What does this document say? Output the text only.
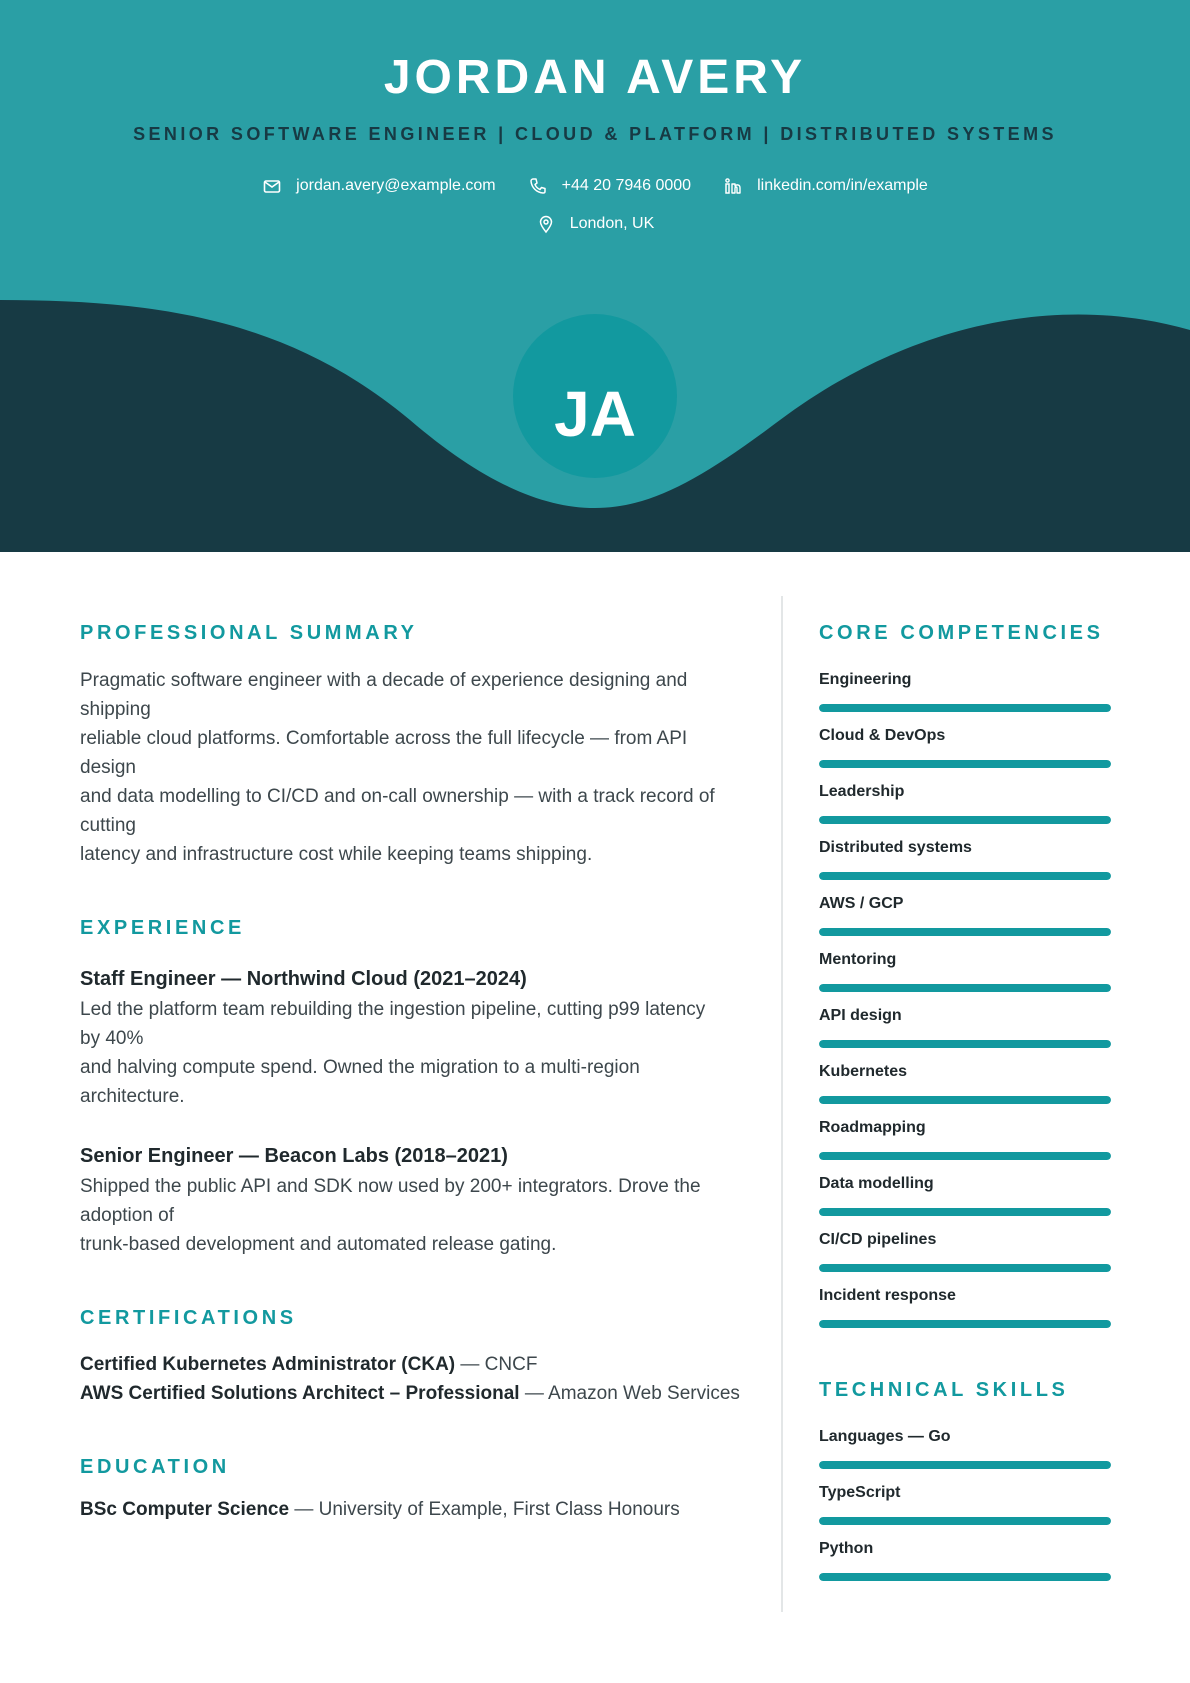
JORDAN AVERY
SENIOR SOFTWARE ENGINEER | CLOUD & PLATFORM | DISTRIBUTED SYSTEMS
jordan.avery@example.com	+44 20 7946 0000	linkedin.com/in/example
London, UK
JA
PROFESSIONAL SUMMARY

Pragmatic software engineer with a decade of experience designing and
shipping
reliable cloud platforms. Comfortable across the full lifecycle — from API
design
and data modelling to CI/CD and on-call ownership — with a track record of
cutting
latency and infrastructure cost while keeping teams shipping.

EXPERIENCE
Staff Engineer — Northwind Cloud (2021–2024)

Led the platform team rebuilding the ingestion pipeline, cutting p99 latency
by 40%
and halving compute spend. Owned the migration to a multi-region
architecture.

Senior Engineer — Beacon Labs (2018–2021)

Shipped the public API and SDK now used by 200+ integrators. Drove the
adoption of
trunk-based development and automated release gating.

CERTIFICATIONS
Certified Kubernetes Administrator (CKA) — CNCF
AWS Certified Solutions Architect – Professional — Amazon Web Services
EDUCATION
BSc Computer Science — University of Example, First Class Honours
CORE COMPETENCIES
Engineering
Cloud & DevOps
Leadership
Distributed systems
AWS / GCP
Mentoring
API design
Kubernetes
Roadmapping
Data modelling
CI/CD pipelines
Incident response
TECHNICAL SKILLS
Languages — Go
TypeScript
Python
